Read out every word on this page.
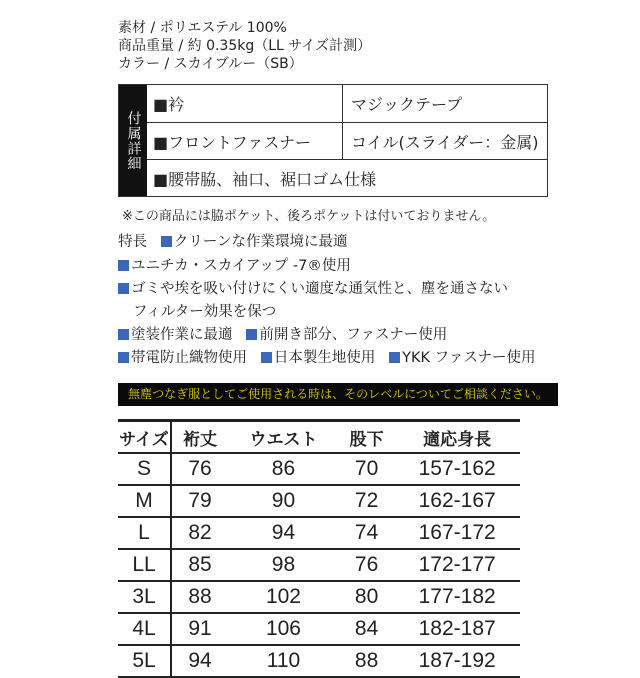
素材 / ポリエステル 100%
商品重量 / 約 0.35kg（LL サイズ計測）
カラー / スカイブルー（SB）
付属詳細
■衿	マジックテープ
■フロントファスナー	コイル(スライダー：金属)
■腰帯脇、袖口、裾口ゴム仕様
※この商品には脇ポケット、後ろポケットは付いておりません。
特長 クリーンな作業環境に最適
ユニチカ・スカイアップ -7®使用
ゴミや埃を吸い付けにくい適度な通気性と、塵を通さない
フィルター効果を保つ
塗装作業に最適 前開き部分、ファスナー使用
帯電防止織物使用 日本製生地使用 YKK ファスナー使用
無塵つなぎ服としてご使用される時は、そのレベルについてご相談ください。
サイズ	裄丈	ウエスト	股下	適応身長
S	76	86	70	157-162
M	79	90	72	162-167
L	82	94	74	167-172
LL	85	98	76	172-177
3L	88	102	80	177-182
4L	91	106	84	182-187
5L	94	110	88	187-192
